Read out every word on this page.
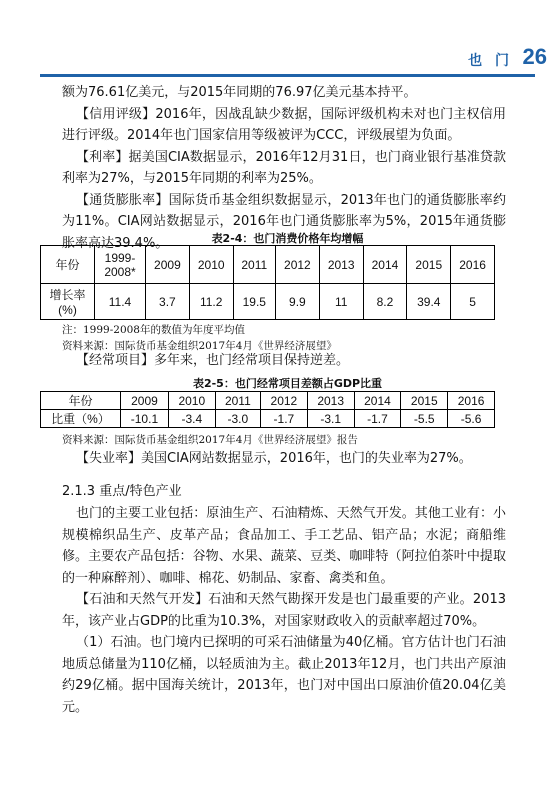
也 门 26

额为76.61亿美元，与2015年同期的76.97亿美元基本持平。

【信用评级】2016年，因战乱缺少数据，国际评级机构未对也门主权信用进行评级。2014年也门国家信用等级被评为CCC，评级展望为负面。

【利率】据美国CIA数据显示，2016年12月31日，也门商业银行基准贷款利率为27%，与2015年同期的利率为25%。

【通货膨胀率】国际货币基金组织数据显示，2013年也门的通货膨胀率约为11%。CIA网站数据显示，2016年也门通货膨胀率为5%，2015年通货膨胀率高达39.4%。	表2-4：也门消费价格年均增幅
年份	1999-2008*	2009	2010	2011	2012	2013	2014	2015	2016
增长率(%)	11.4	3.7	11.2	19.5	9.9	11	8.2	39.4	5
注：1999-2008年的数值为年度平均值
资料来源：国际货币基金组织2017年4月《世界经济展望》

【经常项目】多年来，也门经常项目保持逆差。

表2-5：也门经常项目差额占GDP比重
年份	2009	2010	2011	2012	2013	2014	2015	2016
比重（%）	-10.1	-3.4	-3.0	-1.7	-3.1	-1.7	-5.5	-5.6
资料来源：国际货币基金组织2017年4月《世界经济展望》报告

【失业率】美国CIA网站数据显示，2016年，也门的失业率为27%。

2.1.3 重点/特色产业

也门的主要工业包括：原油生产、石油精炼、天然气开发。其他工业有：小规模棉织品生产、皮革产品；食品加工、手工艺品、铝产品；水泥；商船维修。主要农产品包括：谷物、水果、蔬菜、豆类、咖啡特（阿拉伯茶叶中提取的一种麻醉剂）、咖啡、棉花、奶制品、家畜、禽类和鱼。

【石油和天然气开发】石油和天然气勘探开发是也门最重要的产业。2013年，该产业占GDP的比重为10.3%，对国家财政收入的贡献率超过70%。

（1）石油。也门境内已探明的可采石油储量为40亿桶。官方估计也门石油地质总储量为110亿桶，以轻质油为主。截止2013年12月，也门共出产原油约29亿桶。据中国海关统计，2013年，也门对中国出口原油价值20.04亿美元。
